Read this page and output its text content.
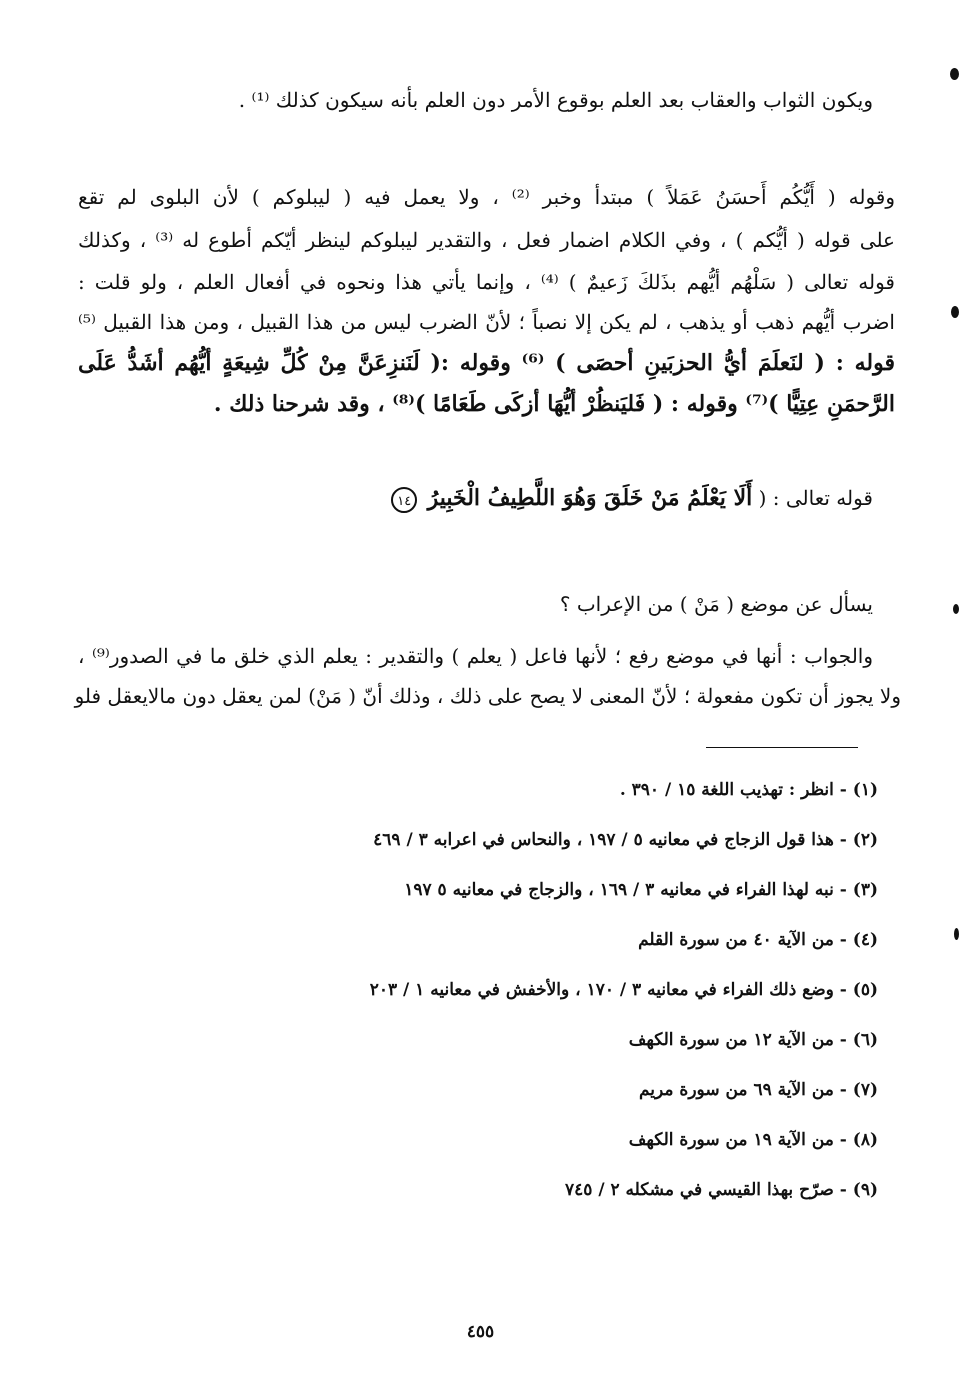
ويكون الثواب والعقاب بعد العلم بوقوع الأمر دون العلم بأنه سيكون كذلك ⁽¹⁾ .
وقوله ( أَيُّكُم أَحسَنُ عَمَلاً ) مبتدأ وخبر ⁽²⁾ ، ولا يعمل فيه ( ليبلوكم ) لأن البلوى لم تقع
على قوله ( أيُّكم ) ، وفي الكلام اضمار فعل ، والتقدير ليبلوكم لينظر أيّكم أطوع له ⁽³⁾ ، وكذلك
قوله تعالى ( سَلْهُم أيُّهم بذَلكَ زَعيمٌ ) ⁽⁴⁾ ، وإنما يأتي هذا ونحوه في أفعال العلم ، ولو قلت :
اضرب أيُّهم ذهب أو يذهب ، لم يكن إلا نصباً ؛ لأنّ الضرب ليس من هذا القبيل ، ومن هذا القبيل ⁽⁵⁾
قوله : ( لنَعلَمَ أيُّ الحزبَينِ أحصَى ) ⁽⁶⁾ وقوله :( لَنَنزِعَنَّ مِنْ كُلِّ شِيعَةٍ أيُّهُم أشَدُّ عَلَى
الرَّحمَنِ عِتِيًّا )⁽⁷⁾ وقوله : ( فَليَنظُرْ أيُّهَا أزكَى طَعَامًا )⁽⁸⁾ ، وقد شرحنا ذلك .
قوله تعالى : ( أَلَا يَعْلَمُ مَنْ خَلَقَ وَهُوَ اللَّطِيفُ الْخَبِيرُ ١٤
يسأل عن موضع ( مَنْ ) من الإعراب ؟
والجواب : أنها في موضع رفع ؛ لأنها فاعل ( يعلم ) والتقدير : يعلم الذي خلق ما في الصدور⁽⁹⁾ ،
ولا يجوز أن تكون مفعولة ؛ لأنّ المعنى لا يصح على ذلك ، وذلك أنّ ( مَنْ) لمن يعقل دون مالايعقل فلو
(١) - انظر : تهذيب اللغة ١٥ / ٣٩٠ .
(٢) - هذا قول الزجاج في معانيه ٥ / ١٩٧ ، والنحاس في اعرابه ٣ / ٤٦٩
(٣) - نبه لهذا الفراء في معانيه ٣ / ١٦٩ ، والزجاج في معانيه ٥ ١٩٧
(٤) - من الآية ٤٠ من سورة القلم
(٥) - وضع ذلك الفراء في معانيه ٣ / ١٧٠ ، والأخفش في معانيه ١ / ٢٠٣
(٦) - من الآية ١٢ من سورة الكهف
(٧) - من الآية ٦٩ من سورة مريم
(٨) - من الآية ١٩ من سورة الكهف
(٩) - صرّح بهذا القيسي في مشكله ٢ / ٧٤٥
٤٥٥
